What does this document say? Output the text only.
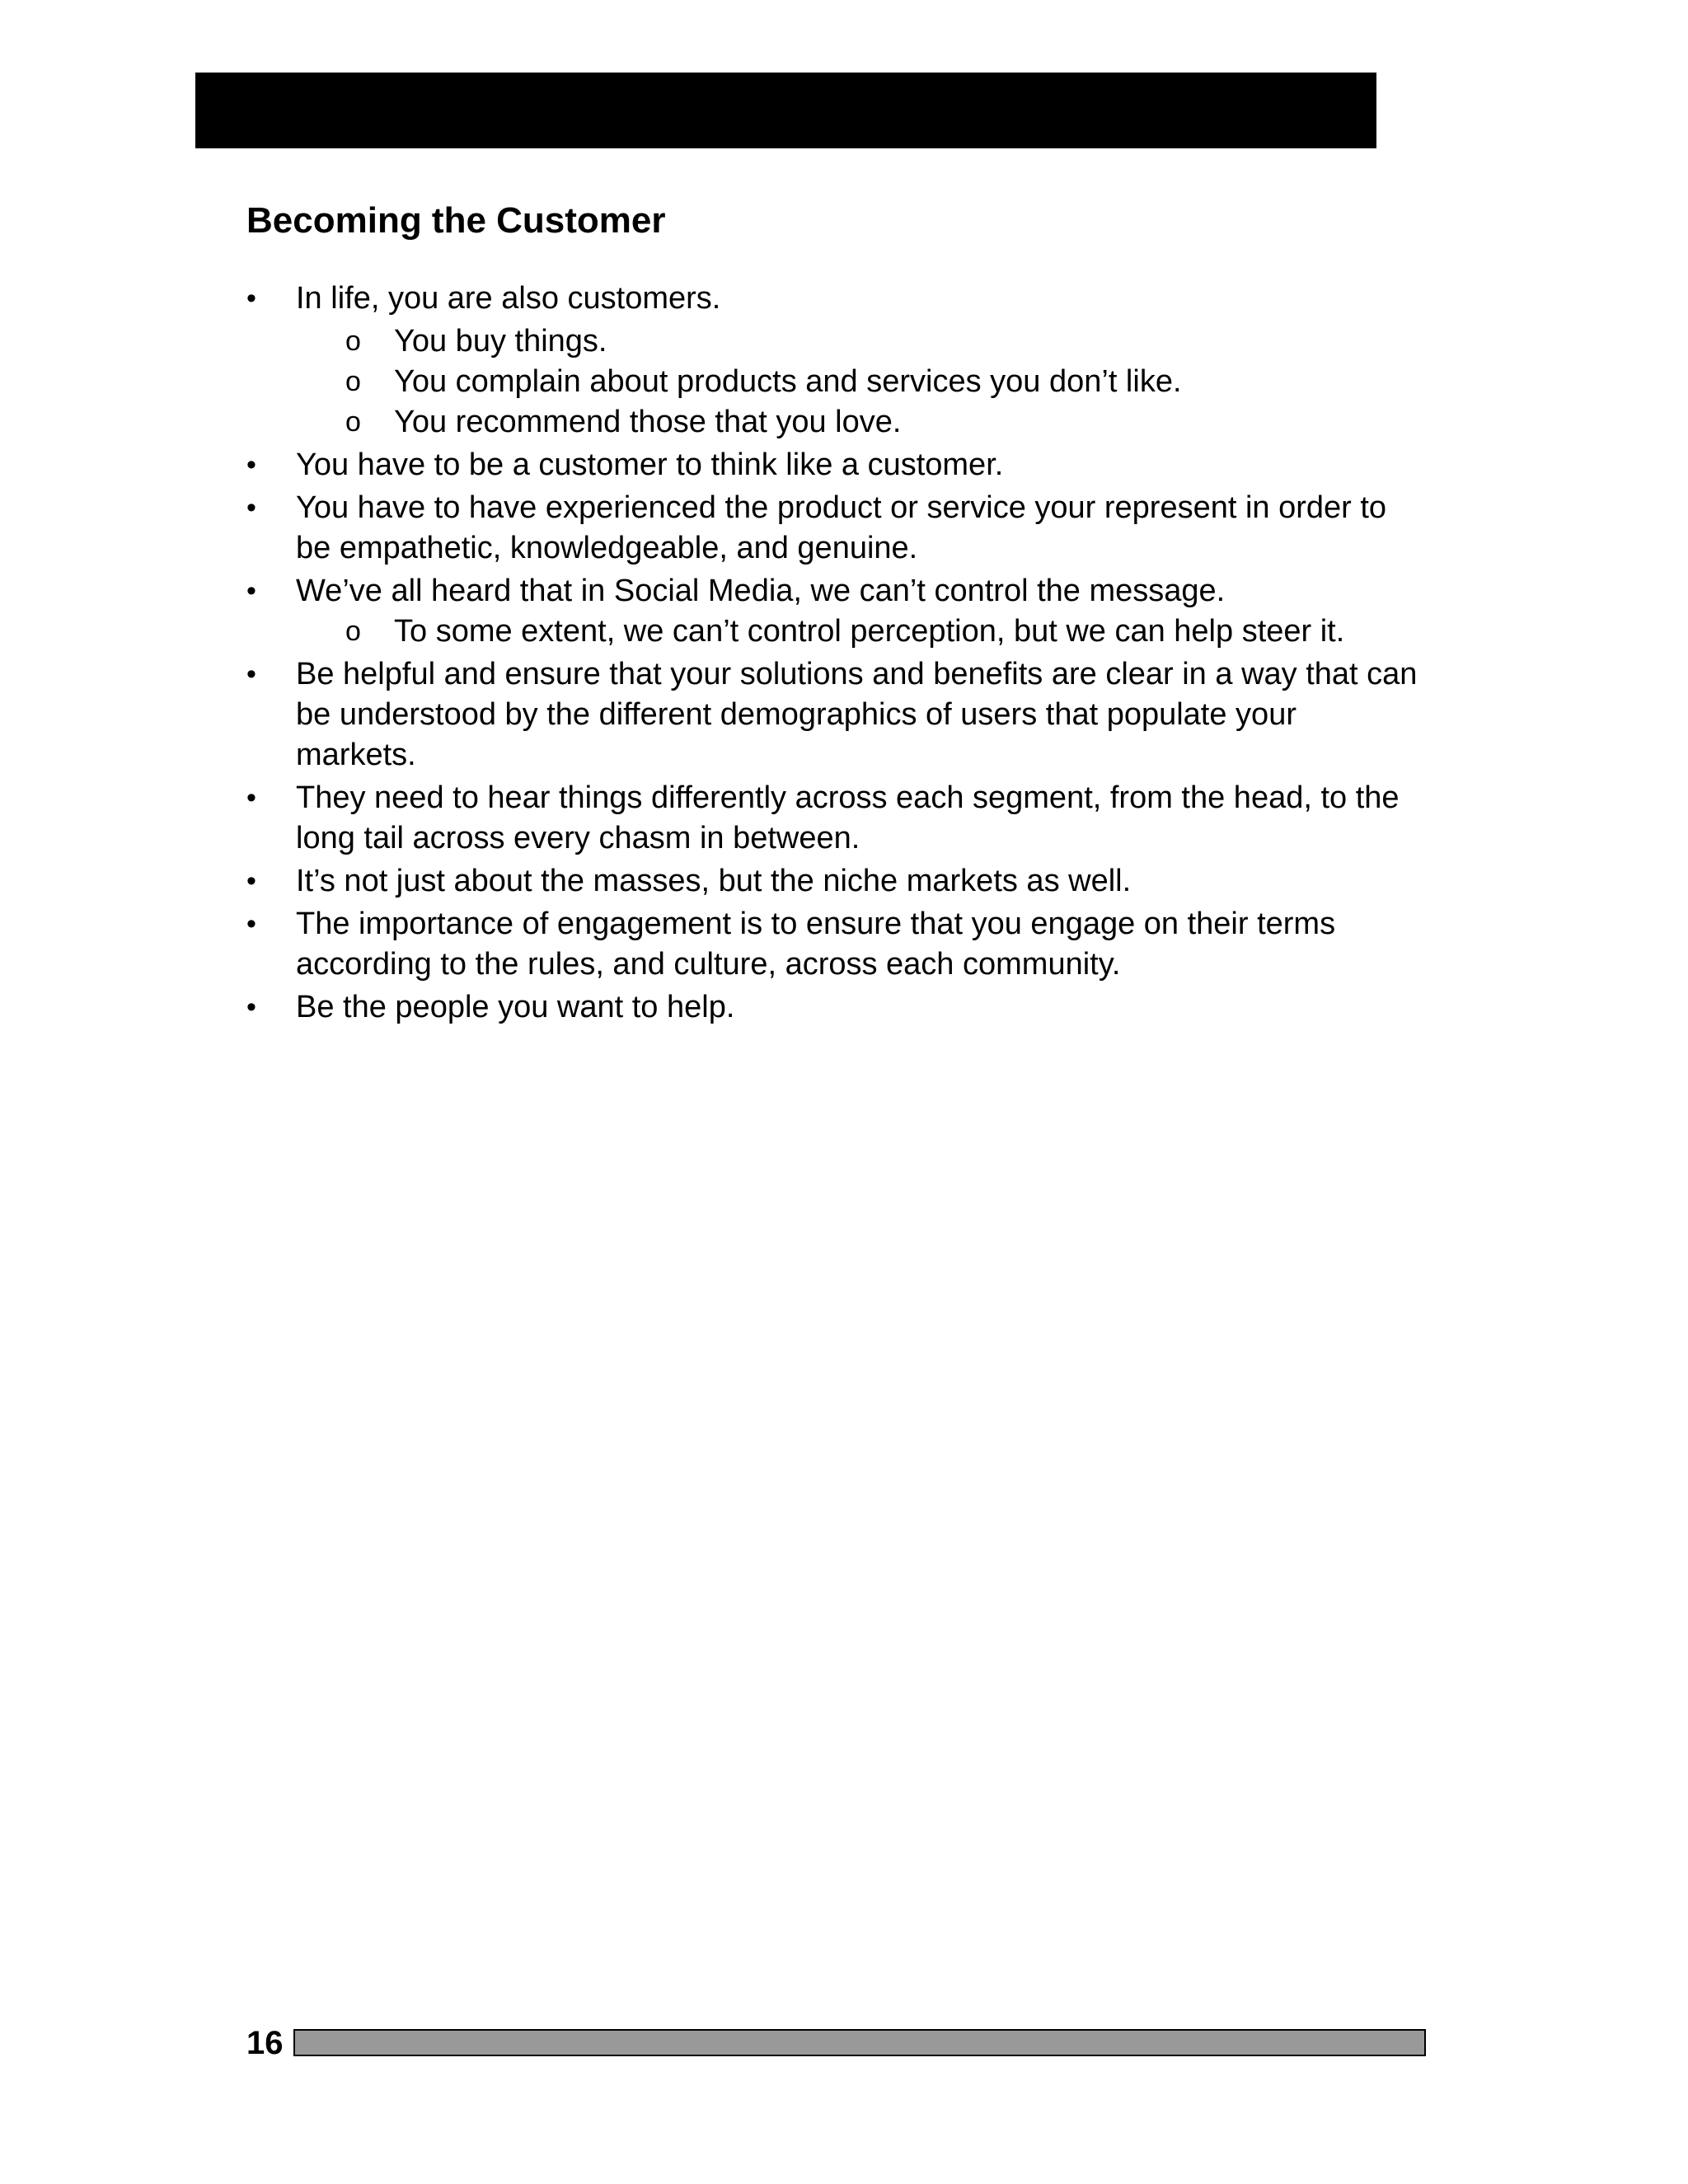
Becoming the Customer
•	In life, you are also customers.
o You buy things.
o You complain about products and services you don’t like.
o You recommend those that you love.
•	You have to be a customer to think like a customer.
•	You have to have experienced the product or service your represent in order to be empathetic, knowledgeable, and genuine.
•	We’ve all heard that in Social Media, we can’t control the message.
o To some extent, we can’t control perception, but we can help steer it.
•	Be helpful and ensure that your solutions and benefits are clear in a way that can be understood by the different demographics of users that populate your markets.
•	They need to hear things differently across each segment, from the head, to the long tail across every chasm in between.
•	It’s not just about the masses, but the niche markets as well.
•	The importance of engagement is to ensure that you engage on their terms according to the rules, and culture, across each community.
•	Be the people you want to help.
16
